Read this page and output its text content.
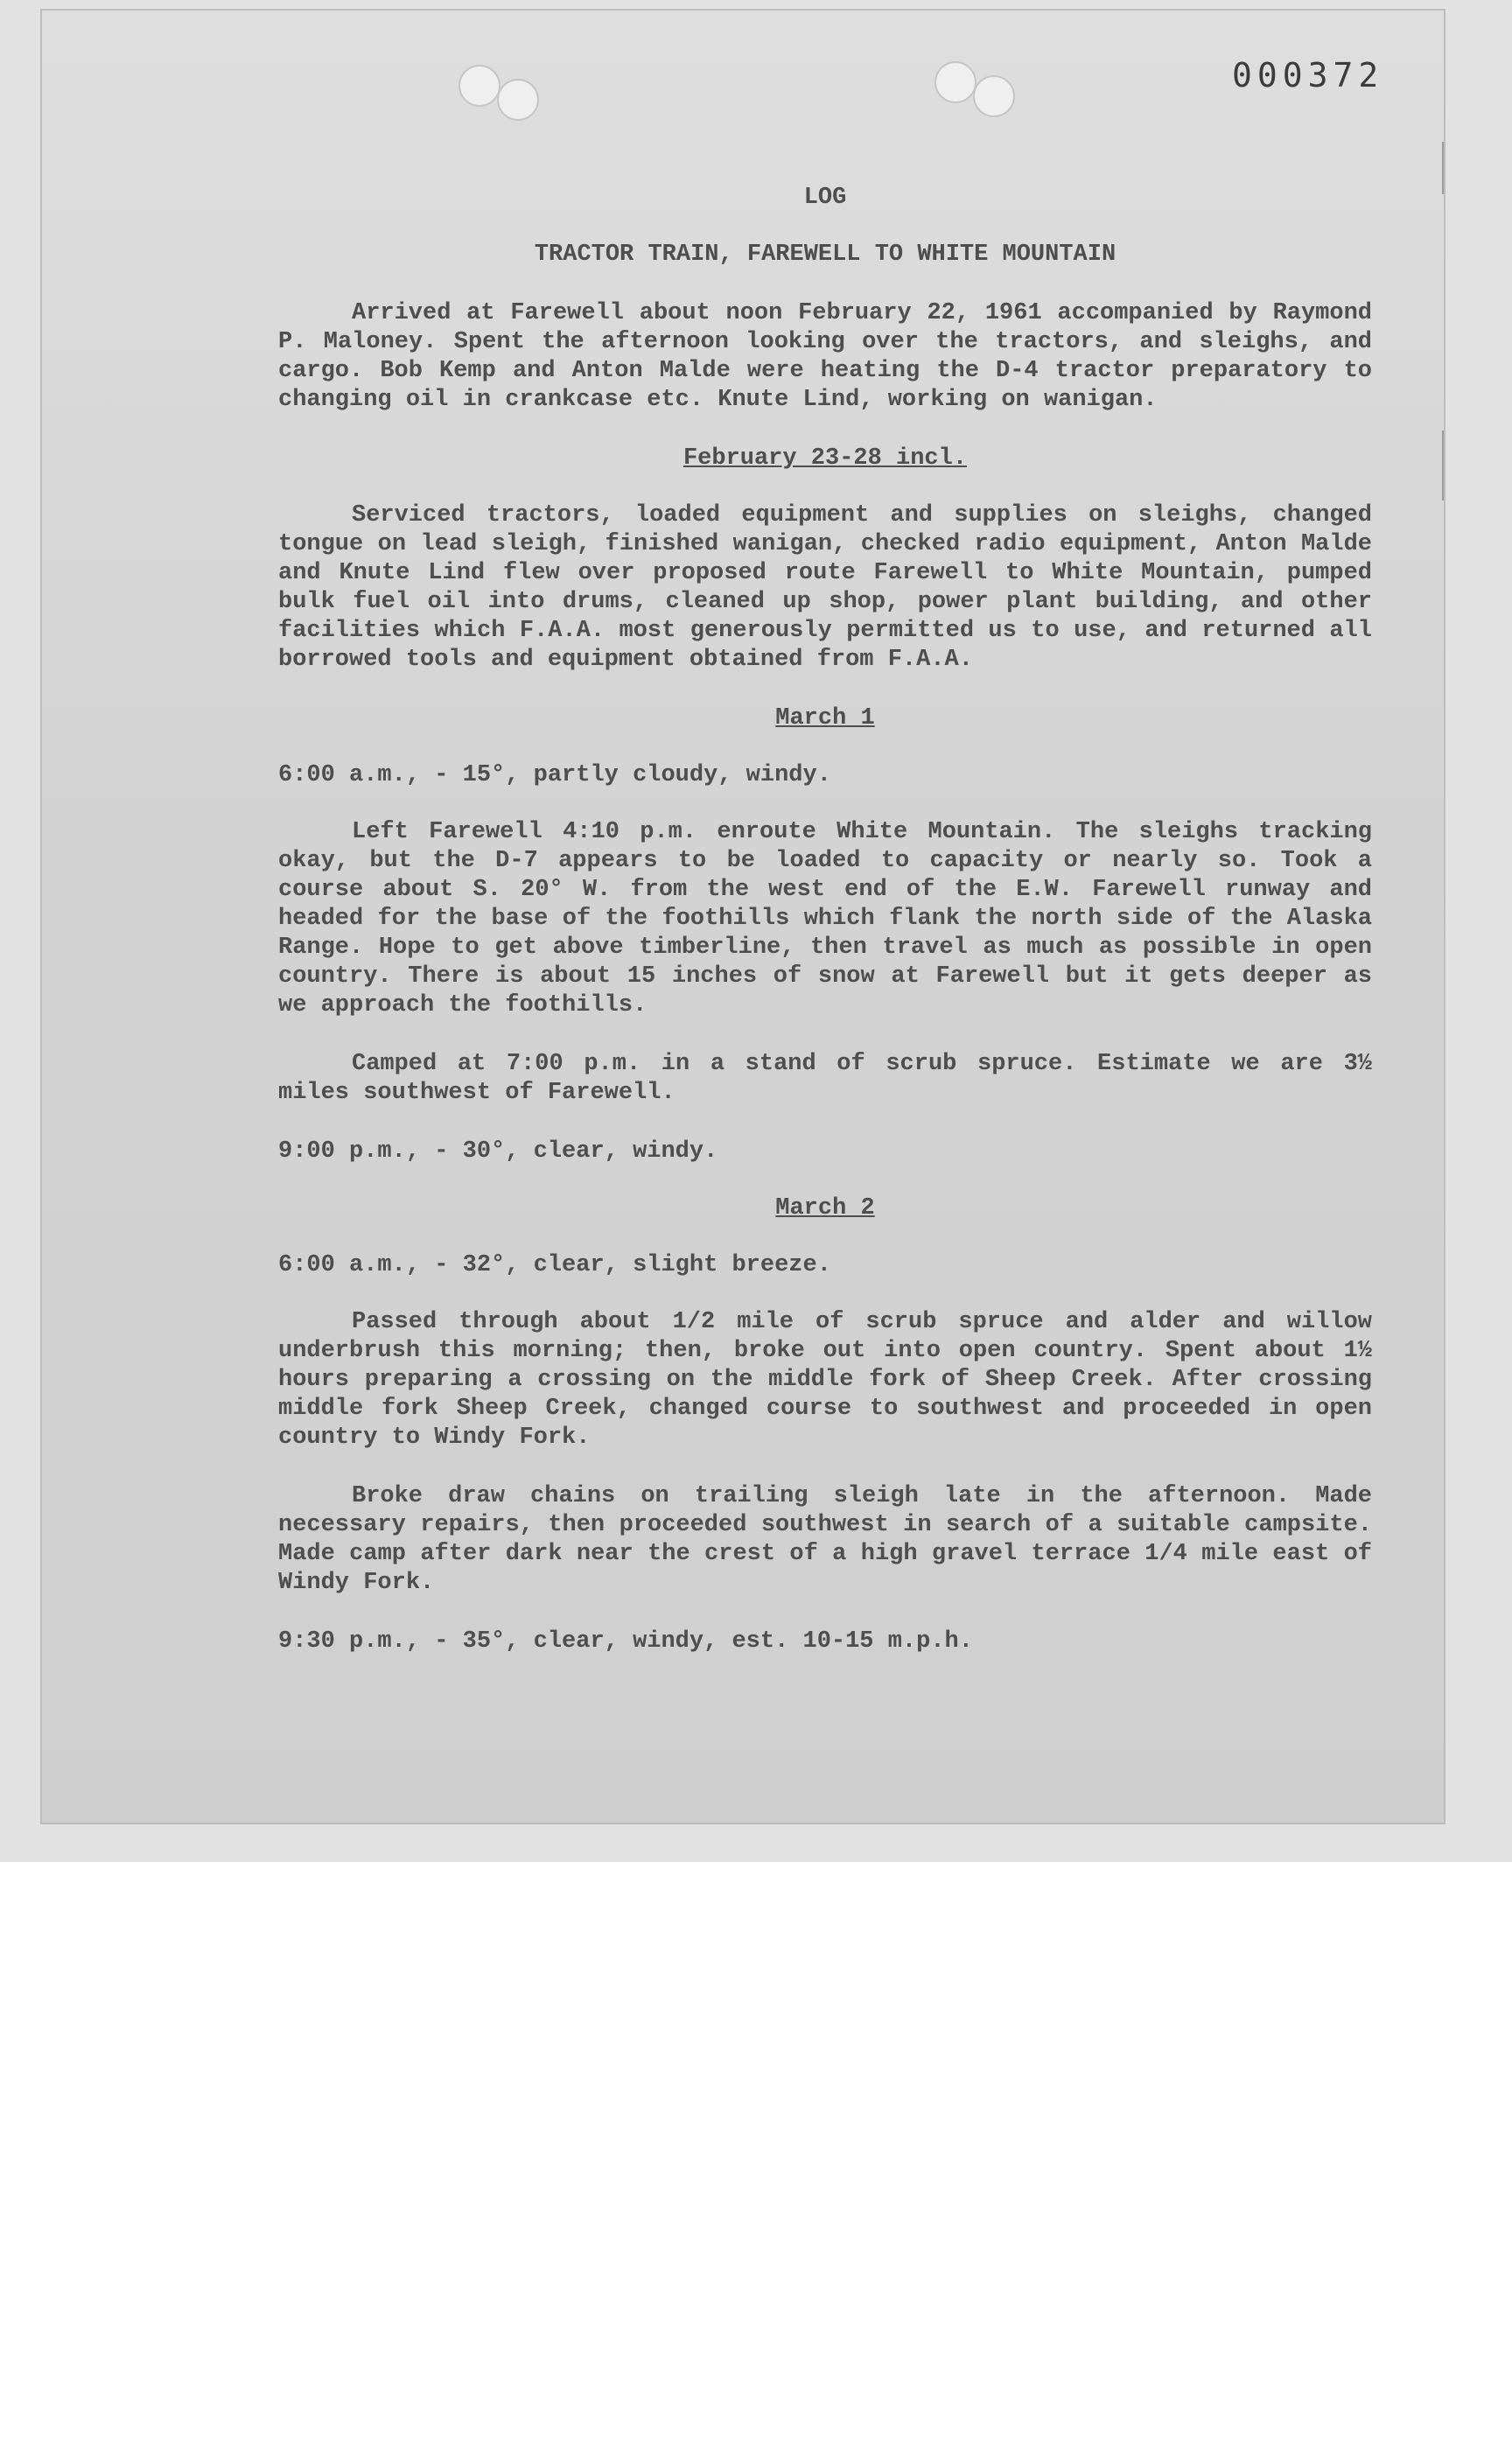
000372

LOG

TRACTOR TRAIN, FAREWELL TO WHITE MOUNTAIN

Arrived at Farewell about noon February 22, 1961 accompanied by Raymond P. Maloney. Spent the afternoon looking over the tractors, and sleighs, and cargo. Bob Kemp and Anton Malde were heating the D-4 tractor preparatory to changing oil in crankcase etc. Knute Lind, working on wanigan.

February 23-28 incl.

Serviced tractors, loaded equipment and supplies on sleighs, changed tongue on lead sleigh, finished wanigan, checked radio equipment, Anton Malde and Knute Lind flew over proposed route Farewell to White Mountain, pumped bulk fuel oil into drums, cleaned up shop, power plant building, and other facilities which F.A.A. most generously permitted us to use, and returned all borrowed tools and equipment obtained from F.A.A.

March 1

6:00 a.m., - 15°, partly cloudy, windy.

Left Farewell 4:10 p.m. enroute White Mountain. The sleighs tracking okay, but the D-7 appears to be loaded to capacity or nearly so. Took a course about S. 20° W. from the west end of the E.W. Farewell runway and headed for the base of the foothills which flank the north side of the Alaska Range. Hope to get above timberline, then travel as much as possible in open country. There is about 15 inches of snow at Farewell but it gets deeper as we approach the foothills.

Camped at 7:00 p.m. in a stand of scrub spruce. Estimate we are 3½ miles southwest of Farewell.

9:00 p.m., - 30°, clear, windy.

March 2

6:00 a.m., - 32°, clear, slight breeze.

Passed through about 1/2 mile of scrub spruce and alder and willow underbrush this morning; then, broke out into open country. Spent about 1½ hours preparing a crossing on the middle fork of Sheep Creek. After crossing middle fork Sheep Creek, changed course to southwest and proceeded in open country to Windy Fork.

Broke draw chains on trailing sleigh late in the afternoon. Made necessary repairs, then proceeded southwest in search of a suitable campsite. Made camp after dark near the crest of a high gravel terrace 1/4 mile east of Windy Fork.

9:30 p.m., - 35°, clear, windy, est. 10-15 m.p.h.
